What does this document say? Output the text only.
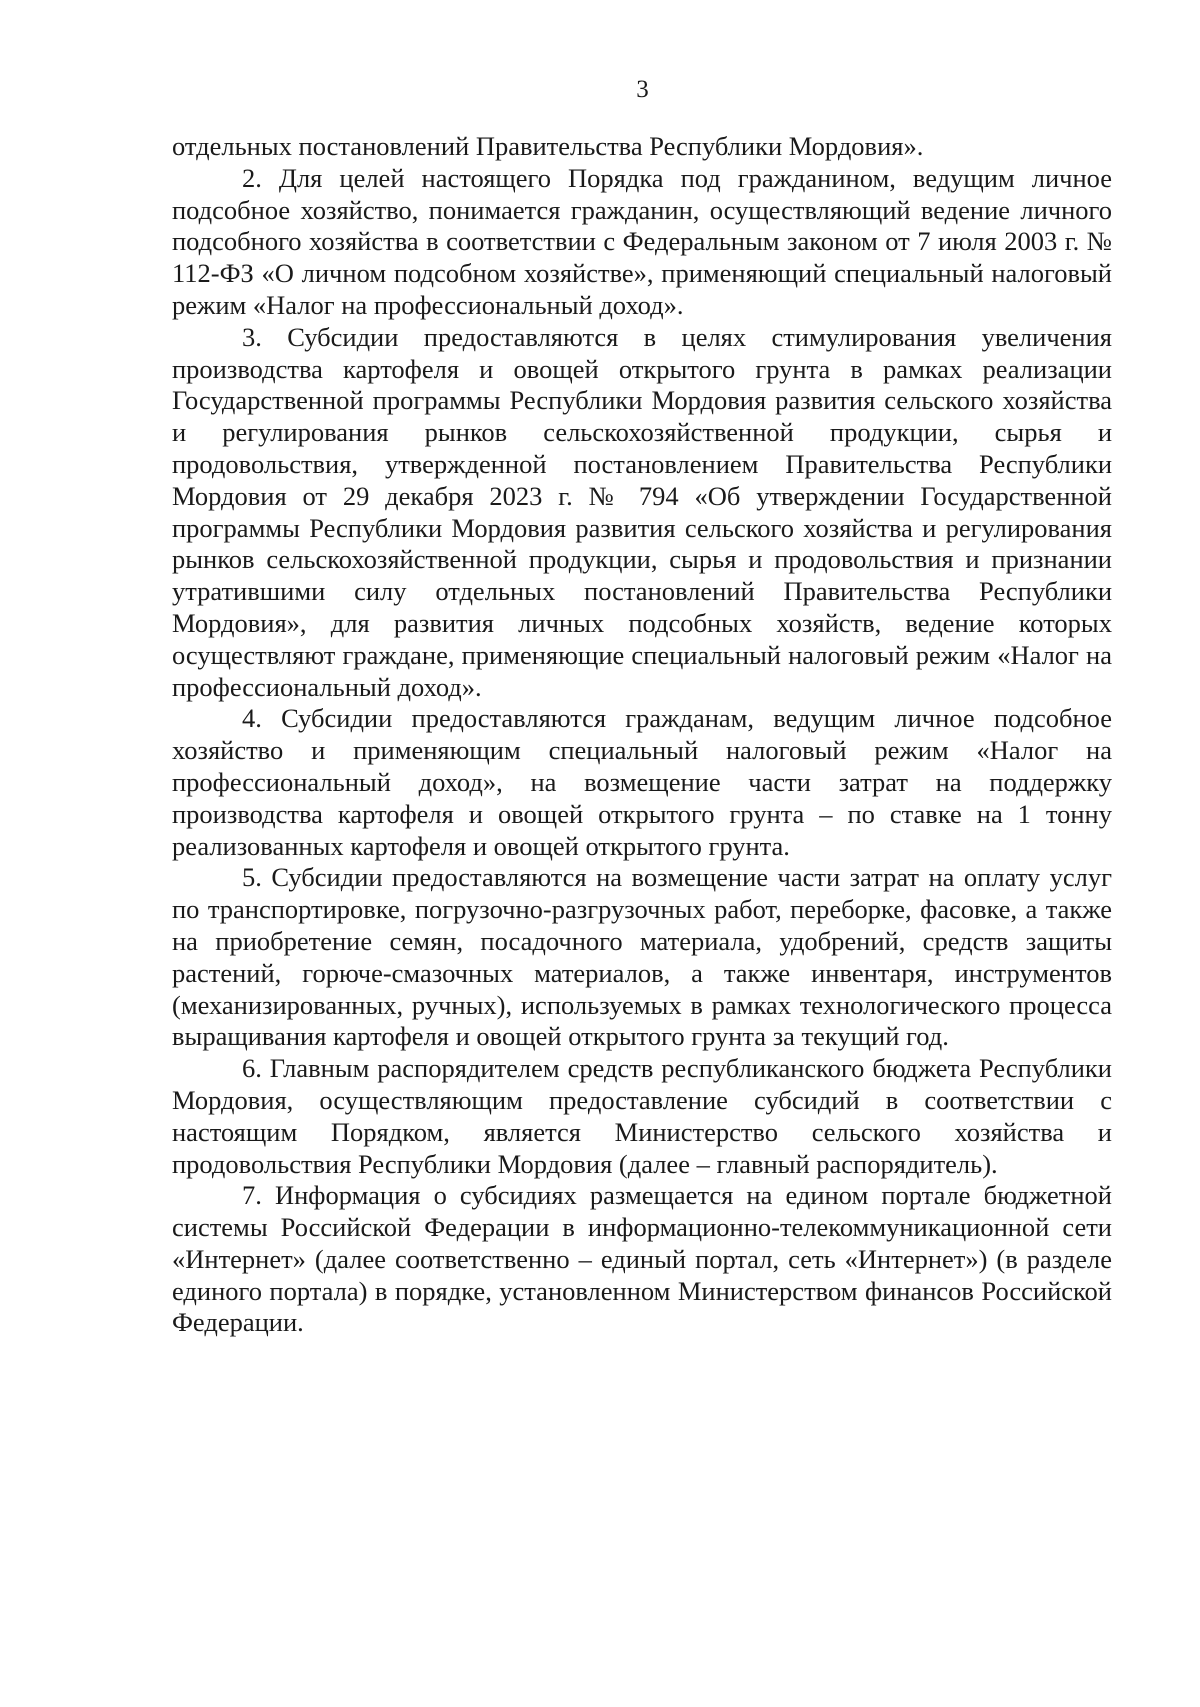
3

отдельных постановлений Правительства Республики Мордовия».

2. Для целей настоящего Порядка под гражданином, ведущим личное подсобное хозяйство, понимается гражданин, осуществляющий ведение личного подсобного хозяйства в соответствии с Федеральным законом от 7 июля 2003 г. № 112-ФЗ «О личном подсобном хозяйстве», применяющий специальный налоговый режим «Налог на профессиональный доход».

3. Субсидии предоставляются в целях стимулирования увеличения производства картофеля и овощей открытого грунта в рамках реализации Государственной программы Республики Мордовия развития сельского хозяйства и регулирования рынков сельскохозяйственной продукции, сырья и продовольствия, утвержденной постановлением Правительства Республики Мордовия от 29 декабря 2023 г. № 794 «Об утверждении Государственной программы Республики Мордовия развития сельского хозяйства и регулирования рынков сельскохозяйственной продукции, сырья и продовольствия и признании утратившими силу отдельных постановлений Правительства Республики Мордовия», для развития личных подсобных хозяйств, ведение которых осуществляют граждане, применяющие специальный налоговый режим «Налог на профессиональный доход».

4. Субсидии предоставляются гражданам, ведущим личное подсобное хозяйство и применяющим специальный налоговый режим «Налог на профессиональный доход», на возмещение части затрат на поддержку производства картофеля и овощей открытого грунта – по ставке на 1 тонну реализованных картофеля и овощей открытого грунта.

5. Субсидии предоставляются на возмещение части затрат на оплату услуг по транспортировке, погрузочно-разгрузочных работ, переборке, фасовке, а также на приобретение семян, посадочного материала, удобрений, средств защиты растений, горюче-смазочных материалов, а также инвентаря, инструментов (механизированных, ручных), используемых в рамках технологического процесса выращивания картофеля и овощей открытого грунта за текущий год.

6. Главным распорядителем средств республиканского бюджета Республики Мордовия, осуществляющим предоставление субсидий в соответствии с настоящим Порядком, является Министерство сельского хозяйства и продовольствия Республики Мордовия (далее – главный распорядитель).

7. Информация о субсидиях размещается на едином портале бюджетной системы Российской Федерации в информационно-телекоммуникационной сети «Интернет» (далее соответственно – единый портал, сеть «Интернет») (в разделе единого портала) в порядке, установленном Министерством финансов Российской Федерации.
